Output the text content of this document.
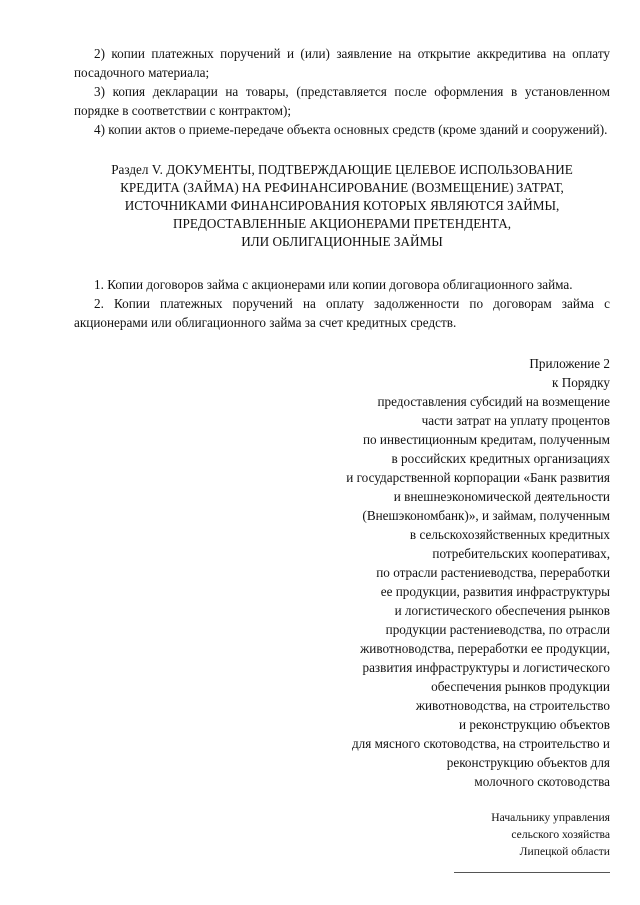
2) копии платежных поручений и (или) заявление на открытие аккредитива на оплату посадочного материала;

3) копия декларации на товары, (представляется после оформления в установленном порядке в соответствии с контрактом);

4) копии актов о приеме-передаче объекта основных средств (кроме зданий и сооружений).

Раздел V. ДОКУМЕНТЫ, ПОДТВЕРЖДАЮЩИЕ ЦЕЛЕВОЕ ИСПОЛЬЗОВАНИЕ
КРЕДИТА (ЗАЙМА) НА РЕФИНАНСИРОВАНИЕ (ВОЗМЕЩЕНИЕ) ЗАТРАТ,
ИСТОЧНИКАМИ ФИНАНСИРОВАНИЯ КОТОРЫХ ЯВЛЯЮТСЯ ЗАЙМЫ,
ПРЕДОСТАВЛЕННЫЕ АКЦИОНЕРАМИ ПРЕТЕНДЕНТА,
ИЛИ ОБЛИГАЦИОННЫЕ ЗАЙМЫ

1. Копии договоров займа с акционерами или копии договора облигационного займа.

2. Копии платежных поручений на оплату задолженности по договорам займа с акционерами или облигационного займа за счет кредитных средств.

Приложение 2
к Порядку
предоставления субсидий на возмещение
части затрат на уплату процентов
по инвестиционным кредитам, полученным
в российских кредитных организациях
и государственной корпорации «Банк развития
и внешнеэкономической деятельности
(Внешэкономбанк)», и займам, полученным
в сельскохозяйственных кредитных
потребительских кооперативах,
по отрасли растениеводства, переработки
ее продукции, развития инфраструктуры
и логистического обеспечения рынков
продукции растениеводства, по отрасли
животноводства, переработки ее продукции,
развития инфраструктуры и логистического
обеспечения рынков продукции
животноводства, на строительство
и реконструкцию объектов
для мясного скотоводства, на строительство и
реконструкцию объектов для
молочного скотоводства
Начальнику управления
сельского хозяйства
Липецкой области
